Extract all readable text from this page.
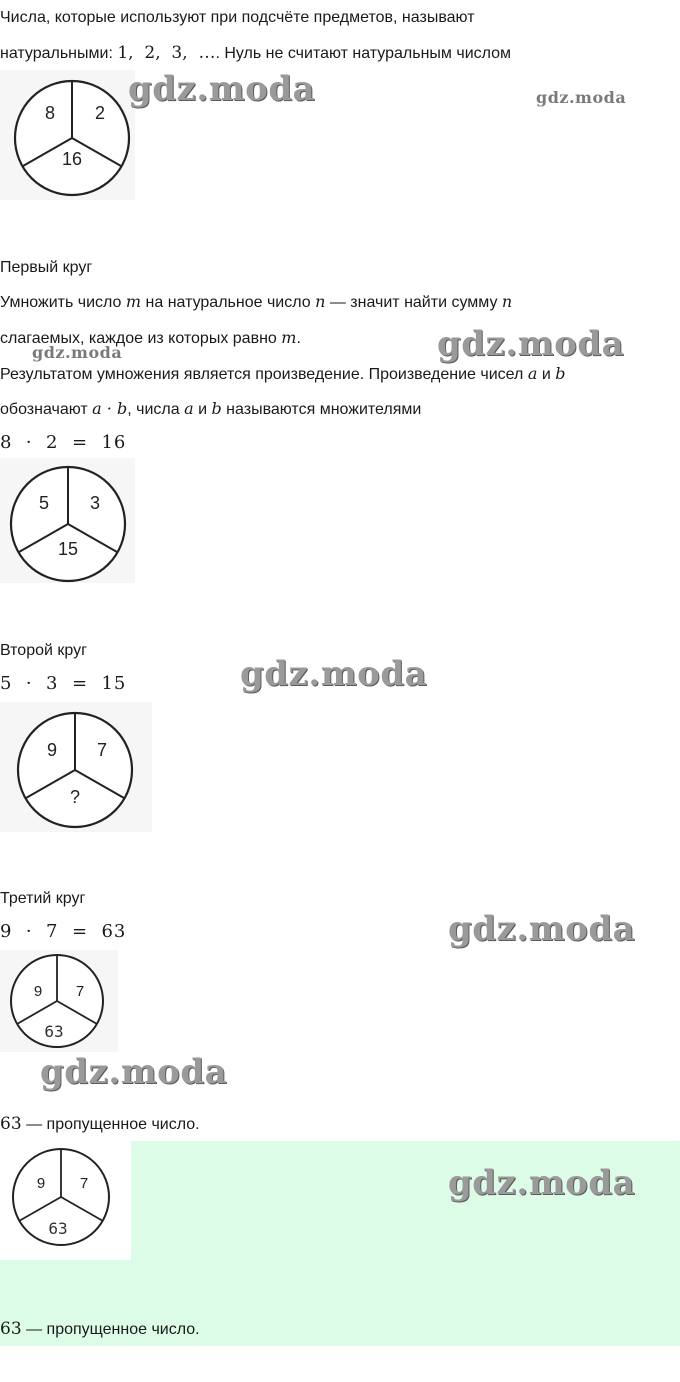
Числа, которые используют при подсчёте предметов, называют
натуральными: 1,  2,  3,  …. Нуль не считают натуральным числом
8 2
16
gdz.moda	gdz.moda
Первый круг
Умножить число m на натуральное число n — значит найти сумму n
слагаемых, каждое из которых равно m.
gdz.moda	gdz.moda
Результатом умножения является произведение. Произведение чисел a и b
обозначают a · b, числа a и b называются множителями
8  ·  2  =  16
5 3
15
Второй круг
gdz.moda
5  ·  3  =  15
9 7
?
Третий круг
gdz.moda
9  ·  7  =  63
9 7
63
gdz.moda
63 — пропущенное число.
9 7
63
gdz.moda
63 — пропущенное число.
